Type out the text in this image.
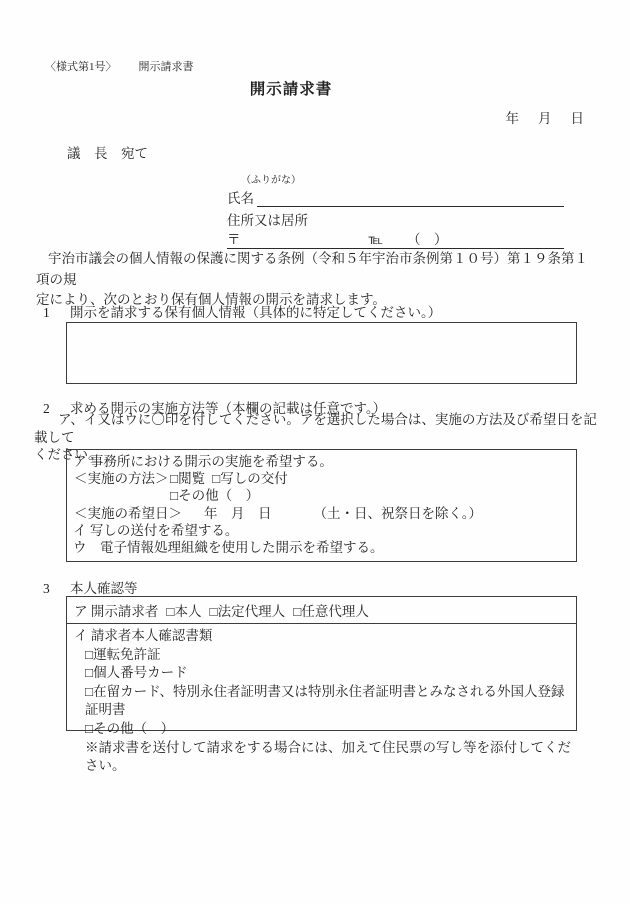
〈様式第1号〉 開示請求書
開示請求書
年 月 日
議　長　宛て
（ふりがな）
氏名
住所又は居所
〒	℡ （　）
宇治市議会の個人情報の保護に関する条例（令和５年宇治市条例第１０号）第１９条第１項の規
定により、次のとおり保有個人情報の開示を請求します。
1 開示を請求する保有個人情報（具体的に特定してください。）
2 求める開示の実施方法等（本欄の記載は任意です。）
ア、イ又はウに〇印を付してください。アを選択した場合は、実施の方法及び希望日を記載して
ください。
ア 事務所における開示の実施を希望する。
＜実施の方法＞ □閲覧 □写しの交付
□その他（　）
＜実施の希望日＞ 年　月　日	（土・日、祝祭日を除く。）
イ 写しの送付を希望する。
ウ　電子情報処理組織を使用した開示を希望する。
3 本人確認等
ア 開示請求者 □本人 □法定代理人 □任意代理人
イ 請求者本人確認書類
□運転免許証
□個人番号カード
□在留カード、特別永住者証明書又は特別永住者証明書とみなされる外国人登録証明書
□その他（　）
※請求書を送付して請求をする場合には、加えて住民票の写し等を添付してください。
